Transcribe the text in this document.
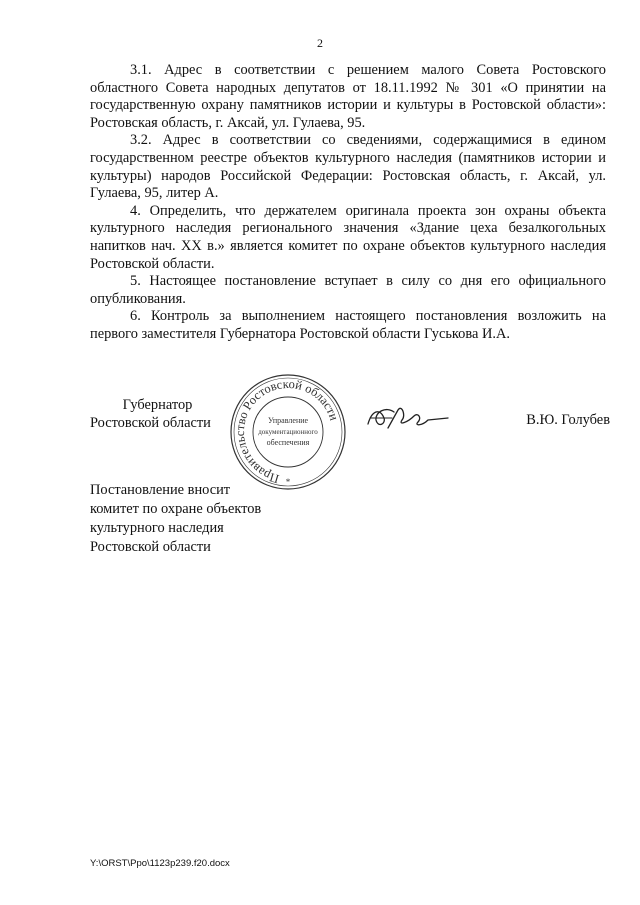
2

3.1. Адрес в соответствии с решением малого Совета Ростовского областного Совета народных депутатов от 18.11.1992 № 301 «О принятии на государственную охрану памятников истории и культуры в Ростовской области»: Ростовская область, г. Аксай, ул. Гулаева, 95.

3.2. Адрес в соответствии со сведениями, содержащимися в едином государственном реестре объектов культурного наследия (памятников истории и культуры) народов Российской Федерации: Ростовская область, г. Аксай, ул. Гулаева, 95, литер А.

4. Определить, что держателем оригинала проекта зон охраны объекта культурного наследия регионального значения «Здание цеха безалкогольных напитков нач. XX в.» является комитет по охране объектов культурного наследия Ростовской области.

5. Настоящее постановление вступает в силу со дня его официального опубликования.

6. Контроль за выполнением настоящего постановления возложить на первого заместителя Губернатора Ростовской области Гуськова И.А.

Губернатор
Ростовской области
Правительство Ростовской области
Управление
документационного
обеспечения
*
В.Ю. Голубев
Постановление вносит
комитет по охране объектов
культурного наследия
Ростовской области
Y:\ORST\Ppo\1123p239.f20.docx
